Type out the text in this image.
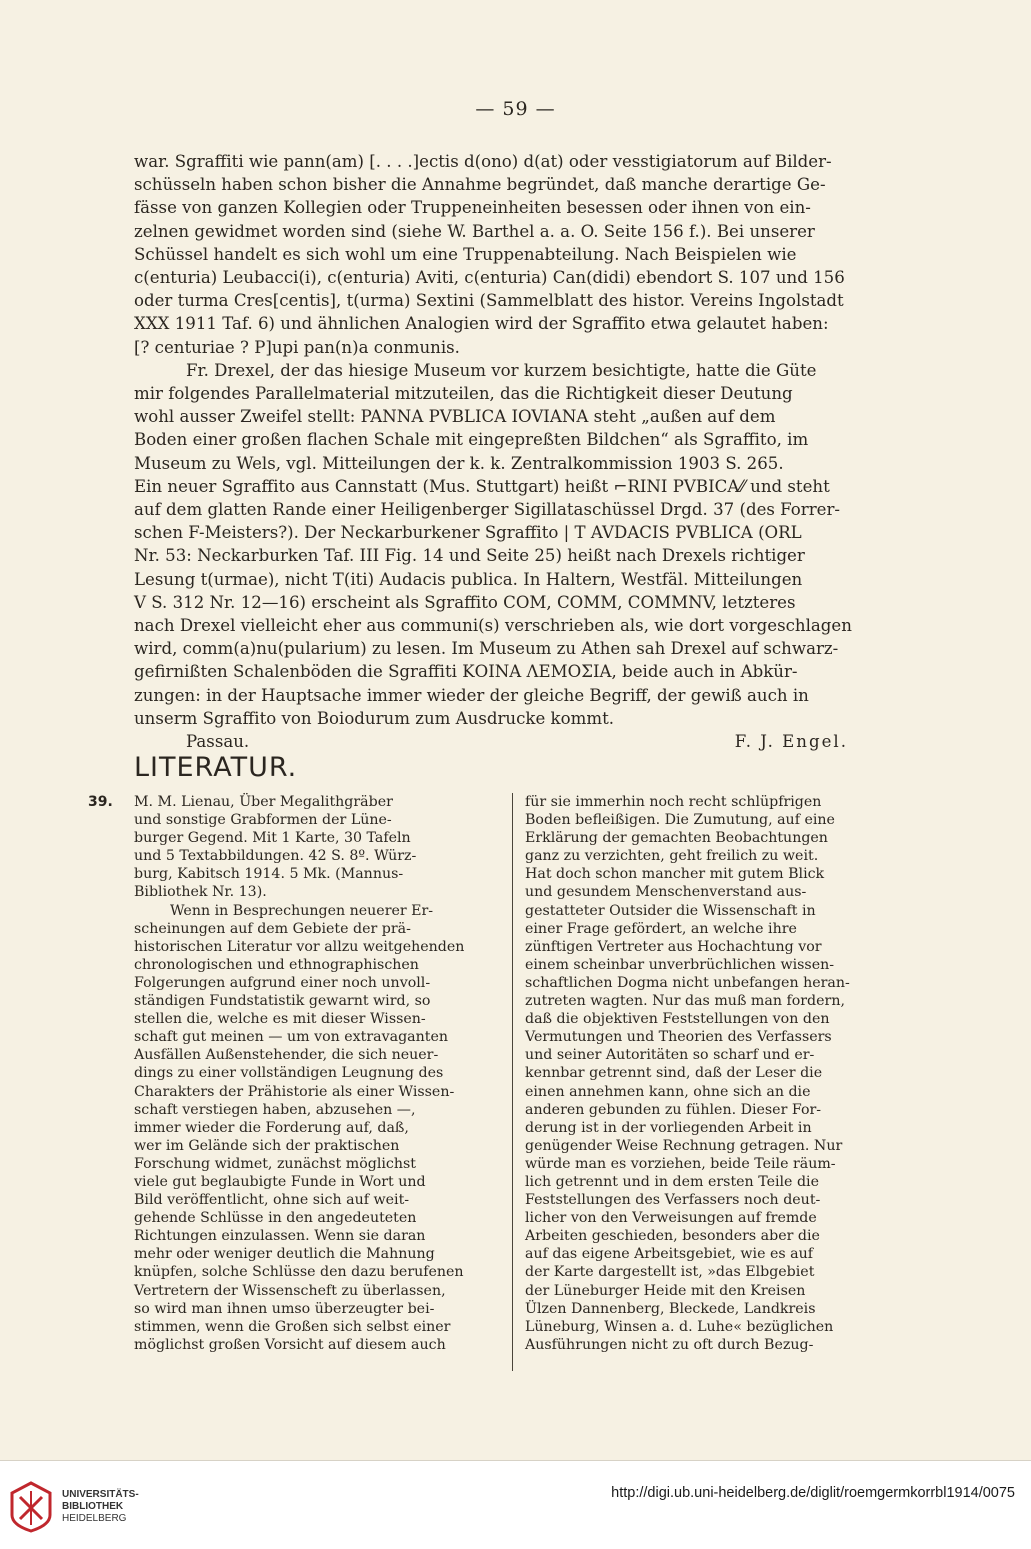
— 59 —

war. Sgraffiti wie pann(am) [. . . .]ectis d(ono) d(at) oder vesstigiatorum auf Bilder-

schüsseln haben schon bisher die Annahme begründet, daß manche derartige Ge-

fässe von ganzen Kollegien oder Truppeneinheiten besessen oder ihnen von ein-

zelnen gewidmet worden sind (siehe W. Barthel a. a. O. Seite 156 f.). Bei unserer

Schüssel handelt es sich wohl um eine Truppenabteilung. Nach Beispielen wie

c(enturia) Leubacci(i), c(enturia) Aviti, c(enturia) Can(didi) ebendort S. 107 und 156

oder turma Cres[centis], t(urma) Sextini (Sammelblatt des histor. Vereins Ingolstadt

XXX 1911 Taf. 6) und ähnlichen Analogien wird der Sgraffito etwa gelautet haben:

[? centuriae ? P]upi pan(n)a conmunis.

Fr. Drexel, der das hiesige Museum vor kurzem besichtigte, hatte die Güte

mir folgendes Parallelmaterial mitzuteilen, das die Richtigkeit dieser Deutung

wohl ausser Zweifel stellt: PANNA PVBLICA IOVIANA steht „außen auf dem

Boden einer großen flachen Schale mit eingepreßten Bildchen“ als Sgraffito, im

Museum zu Wels, vgl. Mitteilungen der k. k. Zentralkommission 1903 S. 265.

Ein neuer Sgraffito aus Cannstatt (Mus. Stuttgart) heißt ⌐RINI PVBICA⁄⁄ und steht

auf dem glatten Rande einer Heiligenberger Sigillataschüssel Drgd. 37 (des Forrer-

schen F-Meisters?). Der Neckarburkener Sgraffito | T AVDACIS PVBLICA (ORL

Nr. 53: Neckarburken Taf. III Fig. 14 und Seite 25) heißt nach Drexels richtiger

Lesung t(urmae), nicht T(iti) Audacis publica. In Haltern, Westfäl. Mitteilungen

V S. 312 Nr. 12—16) erscheint als Sgraffito COM, COMM, COMMNV, letzteres

nach Drexel vielleicht eher aus communi(s) verschrieben als, wie dort vorgeschlagen

wird, comm(a)nu(pularium) zu lesen. Im Museum zu Athen sah Drexel auf schwarz-

gefirnißten Schalenböden die Sgraffiti ΚΟΙΝΑ ΛΕΜΟΣΙΑ, beide auch in Abkür-

zungen: in der Hauptsache immer wieder der gleiche Begriff, der gewiß auch in

unserm Sgraffito von Boiodurum zum Ausdrucke kommt.

Passau.	F. J. Engel.
LITERATUR.
39.	M. M. Lienau, Über Megalithgräber

und sonstige Grabformen der Lüne-

burger Gegend. Mit 1 Karte, 30 Tafeln

und 5 Textabbildungen. 42 S. 8º. Würz-

burg, Kabitsch 1914. 5 Mk. (Mannus-

Bibliothek Nr. 13).

Wenn in Besprechungen neuerer Er-

scheinungen auf dem Gebiete der prä-

historischen Literatur vor allzu weitgehenden

chronologischen und ethnographischen

Folgerungen aufgrund einer noch unvoll-

ständigen Fundstatistik gewarnt wird, so

stellen die, welche es mit dieser Wissen-

schaft gut meinen — um von extravaganten

Ausfällen Außenstehender, die sich neuer-

dings zu einer vollständigen Leugnung des

Charakters der Prähistorie als einer Wissen-

schaft verstiegen haben, abzusehen —,

immer wieder die Forderung auf, daß,

wer im Gelände sich der praktischen

Forschung widmet, zunächst möglichst

viele gut beglaubigte Funde in Wort und

Bild veröffentlicht, ohne sich auf weit-

gehende Schlüsse in den angedeuteten

Richtungen einzulassen. Wenn sie daran

mehr oder weniger deutlich die Mahnung

knüpfen, solche Schlüsse den dazu berufenen

Vertretern der Wissenscheft zu überlassen,

so wird man ihnen umso überzeugter bei-

stimmen, wenn die Großen sich selbst einer

möglichst großen Vorsicht auf diesem auch

für sie immerhin noch recht schlüpfrigen

Boden befleißigen. Die Zumutung, auf eine

Erklärung der gemachten Beobachtungen

ganz zu verzichten, geht freilich zu weit.

Hat doch schon mancher mit gutem Blick

und gesundem Menschenverstand aus-

gestatteter Outsider die Wissenschaft in

einer Frage gefördert, an welche ihre

zünftigen Vertreter aus Hochachtung vor

einem scheinbar unverbrüchlichen wissen-

schaftlichen Dogma nicht unbefangen heran-

zutreten wagten. Nur das muß man fordern,

daß die objektiven Feststellungen von den

Vermutungen und Theorien des Verfassers

und seiner Autoritäten so scharf und er-

kennbar getrennt sind, daß der Leser die

einen annehmen kann, ohne sich an die

anderen gebunden zu fühlen. Dieser For-

derung ist in der vorliegenden Arbeit in

genügender Weise Rechnung getragen. Nur

würde man es vorziehen, beide Teile räum-

lich getrennt und in dem ersten Teile die

Feststellungen des Verfassers noch deut-

licher von den Verweisungen auf fremde

Arbeiten geschieden, besonders aber die

auf das eigene Arbeitsgebiet, wie es auf

der Karte dargestellt ist, »das Elbgebiet

der Lüneburger Heide mit den Kreisen

Ülzen Dannenberg, Bleckede, Landkreis

Lüneburg, Winsen a. d. Luhe« bezüglichen

Ausführungen nicht zu oft durch Bezug-

UNIVERSITÄTS-
BIBLIOTHEK
HEIDELBERG
http://digi.ub.uni-heidelberg.de/diglit/roemgermkorrbl1914/0075
